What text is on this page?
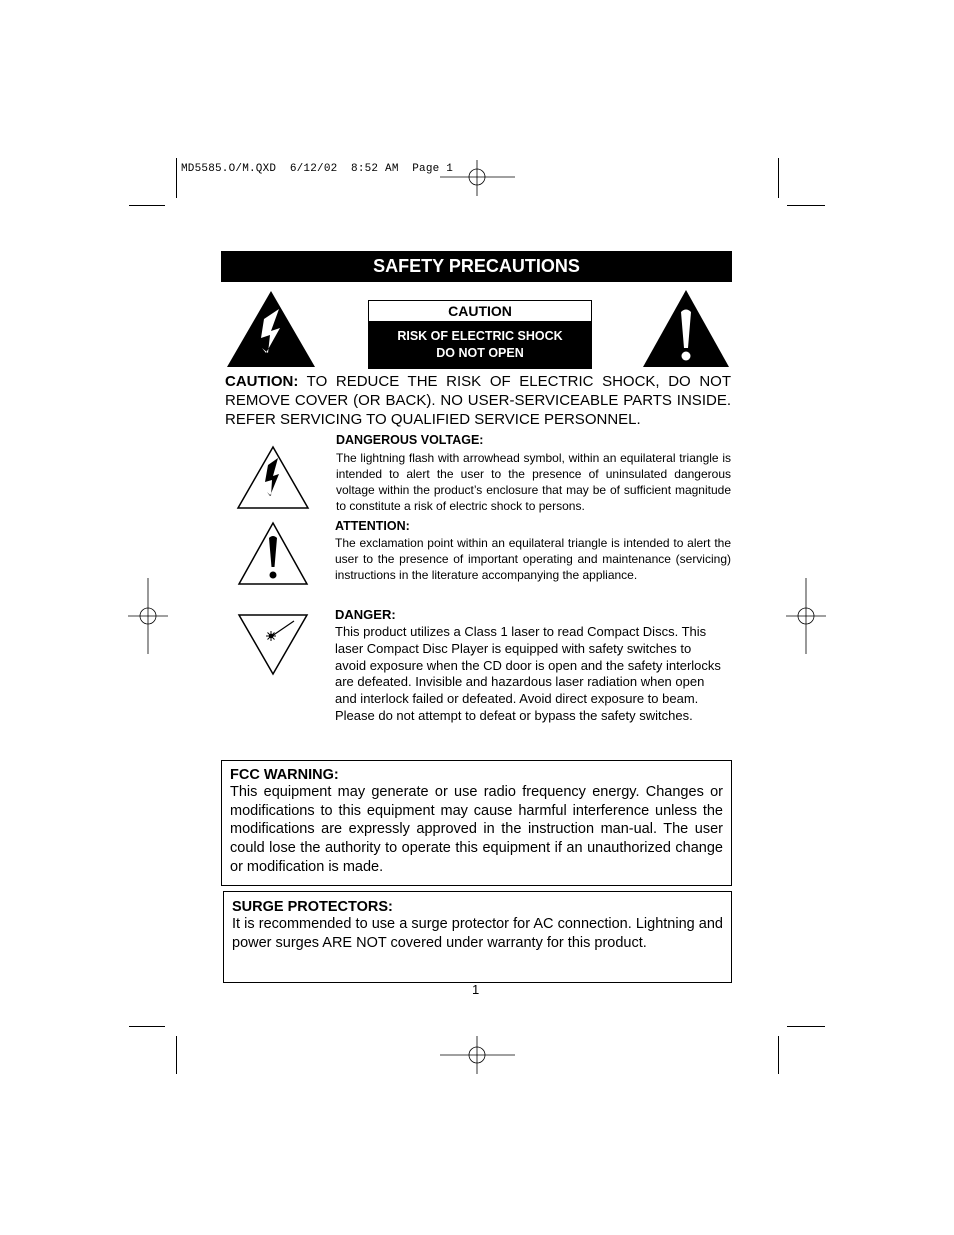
MD5585.O/M.QXD  6/12/02  8:52 AM  Page 1
SAFETY PRECAUTIONS
CAUTION
RISK OF ELECTRIC SHOCK
DO NOT OPEN
CAUTION: TO REDUCE THE RISK OF ELECTRIC SHOCK, DO NOT REMOVE COVER (OR BACK). NO USER-SERVICEABLE PARTS INSIDE. REFER SERVICING TO QUALIFIED SERVICE PERSONNEL.
DANGEROUS VOLTAGE:
The lightning flash with arrowhead symbol, within an equilateral triangle is intended to alert the user to the presence of uninsulated dangerous voltage within the product’s enclosure that may be of sufficient magnitude to constitute a risk of electric shock to persons.
ATTENTION:
The exclamation point within an equilateral triangle is intended to alert the user to the presence of important operating and maintenance (servicing) instructions in the literature accompanying the appliance.
DANGER:
This product utilizes a Class 1 laser to read Compact Discs. This laser Compact Disc Player is equipped with safety switches to avoid exposure when the CD door is open and the safety interlocks are defeated. Invisible and hazardous laser radiation when open and interlock failed or defeated. Avoid direct exposure to beam. Please do not attempt to defeat or bypass the safety switches.
FCC WARNING:
This equipment may generate or use radio frequency energy. Changes or modifications to this equipment may cause harmful interference unless the modifications are expressly approved in the instruction man-ual. The user could lose the authority to operate this equipment if an unauthorized change or modification is made.
SURGE PROTECTORS:
It is recommended to use a surge protector for AC connection. Lightning and power surges ARE NOT covered under warranty for this product.
1
